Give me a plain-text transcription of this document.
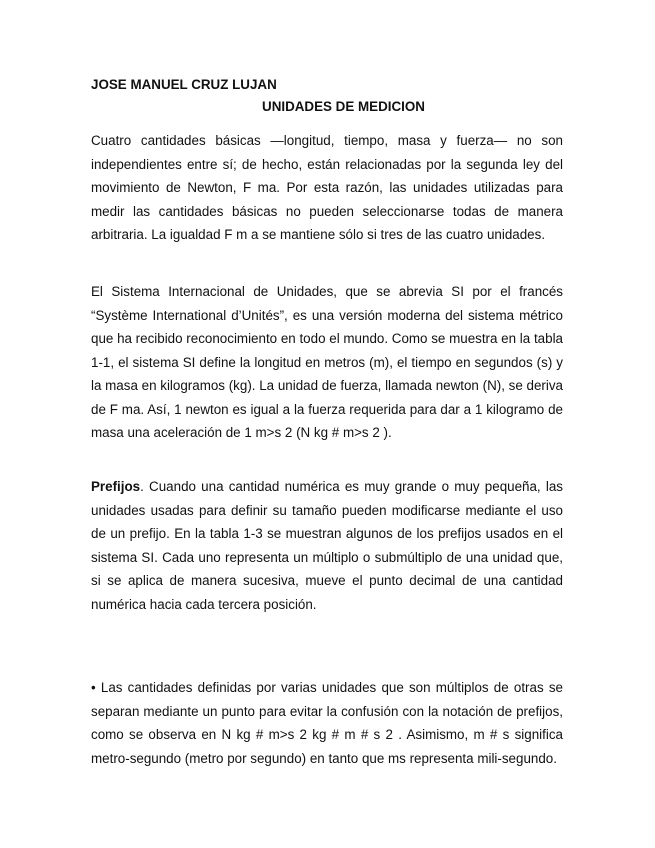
JOSE MANUEL CRUZ LUJAN

UNIDADES DE MEDICION

Cuatro cantidades básicas —longitud, tiempo, masa y fuerza— no son independientes entre sí; de hecho, están relacionadas por la segunda ley del movimiento de Newton, F ma. Por esta razón, las unidades utilizadas para medir las cantidades básicas no pueden seleccionarse todas de manera arbitraria. La igualdad F m a se mantiene sólo si tres de las cuatro unidades.

El Sistema Internacional de Unidades, que se abrevia SI por el francés “Système International d’Unités”, es una versión moderna del sistema métrico que ha recibido reconocimiento en todo el mundo. Como se muestra en la tabla 1-1, el sistema SI define la longitud en metros (m), el tiempo en segundos (s) y la masa en kilogramos (kg). La unidad de fuerza, llamada newton (N), se deriva de F ma. Así, 1 newton es igual a la fuerza requerida para dar a 1 kilogramo de masa una aceleración de 1 m>s 2 (N kg # m>s 2 ).

Prefijos. Cuando una cantidad numérica es muy grande o muy pequeña, las unidades usadas para definir su tamaño pueden modificarse mediante el uso de un prefijo. En la tabla 1-3 se muestran algunos de los prefijos usados en el sistema SI. Cada uno representa un múltiplo o submúltiplo de una unidad que, si se aplica de manera sucesiva, mueve el punto decimal de una cantidad numérica hacia cada tercera posición.

• Las cantidades definidas por varias unidades que son múltiplos de otras se separan mediante un punto para evitar la confusión con la notación de prefijos, como se observa en N kg # m>s 2 kg # m # s 2 . Asimismo, m # s significa metro-segundo (metro por segundo) en tanto que ms representa mili-segundo.
